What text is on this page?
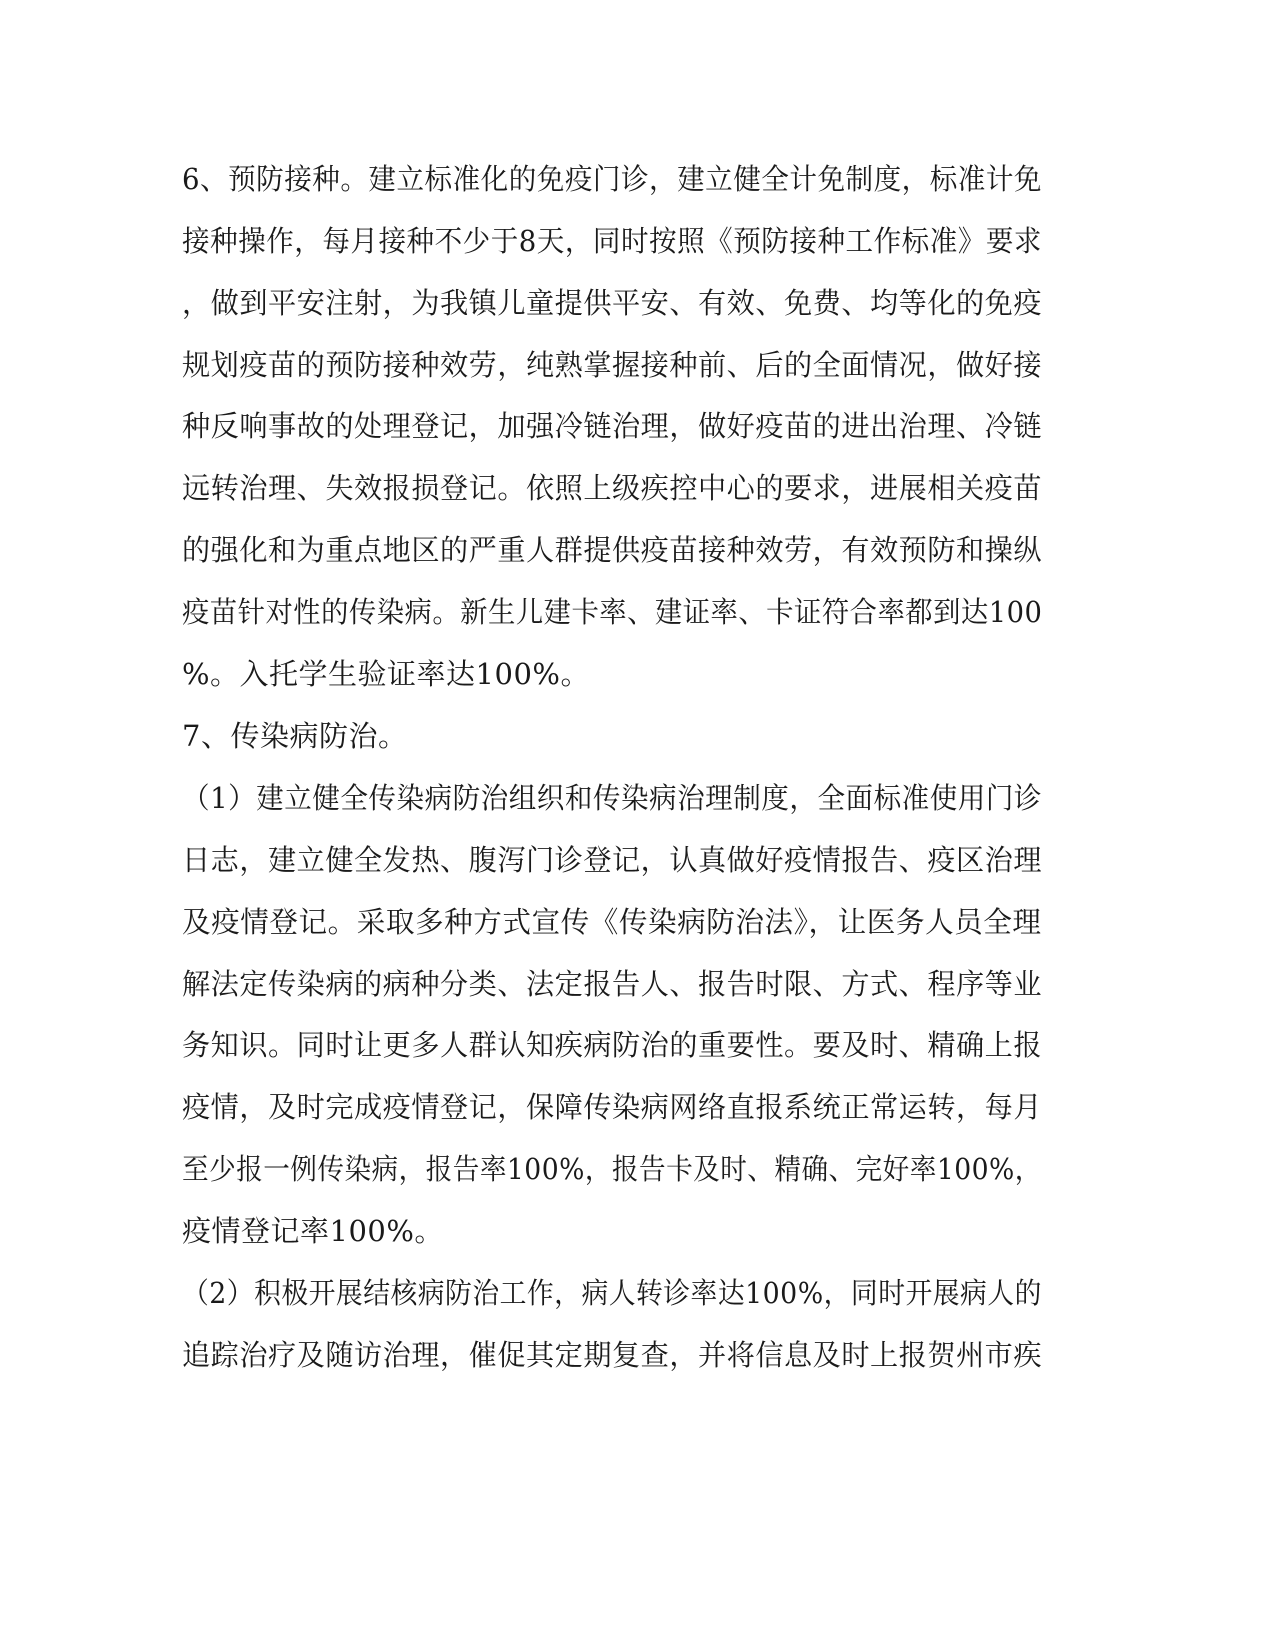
6、预防接种。建立标准化的免疫门诊，建立健全计免制度，标准计免
接种操作，每月接种不少于8天，同时按照《预防接种工作标准》要求
，做到平安注射，为我镇儿童提供平安、有效、免费、均等化的免疫
规划疫苗的预防接种效劳，纯熟掌握接种前、后的全面情况，做好接
种反响事故的处理登记，加强冷链治理，做好疫苗的进出治理、冷链
远转治理、失效报损登记。依照上级疾控中心的要求，进展相关疫苗
的强化和为重点地区的严重人群提供疫苗接种效劳，有效预防和操纵
疫苗针对性的传染病。新生儿建卡率、建证率、卡证符合率都到达100
%。入托学生验证率达100%。
7、传染病防治。
（1）建立健全传染病防治组织和传染病治理制度，全面标准使用门诊
日志，建立健全发热、腹泻门诊登记，认真做好疫情报告、疫区治理
及疫情登记。采取多种方式宣传《传染病防治法》，让医务人员全理
解法定传染病的病种分类、法定报告人、报告时限、方式、程序等业
务知识。同时让更多人群认知疾病防治的重要性。要及时、精确上报
疫情，及时完成疫情登记，保障传染病网络直报系统正常运转，每月
至少报一例传染病，报告率100%，报告卡及时、精确、完好率100%，
疫情登记率100%。
（2）积极开展结核病防治工作，病人转诊率达100%，同时开展病人的
追踪治疗及随访治理，催促其定期复查，并将信息及时上报贺州市疾
